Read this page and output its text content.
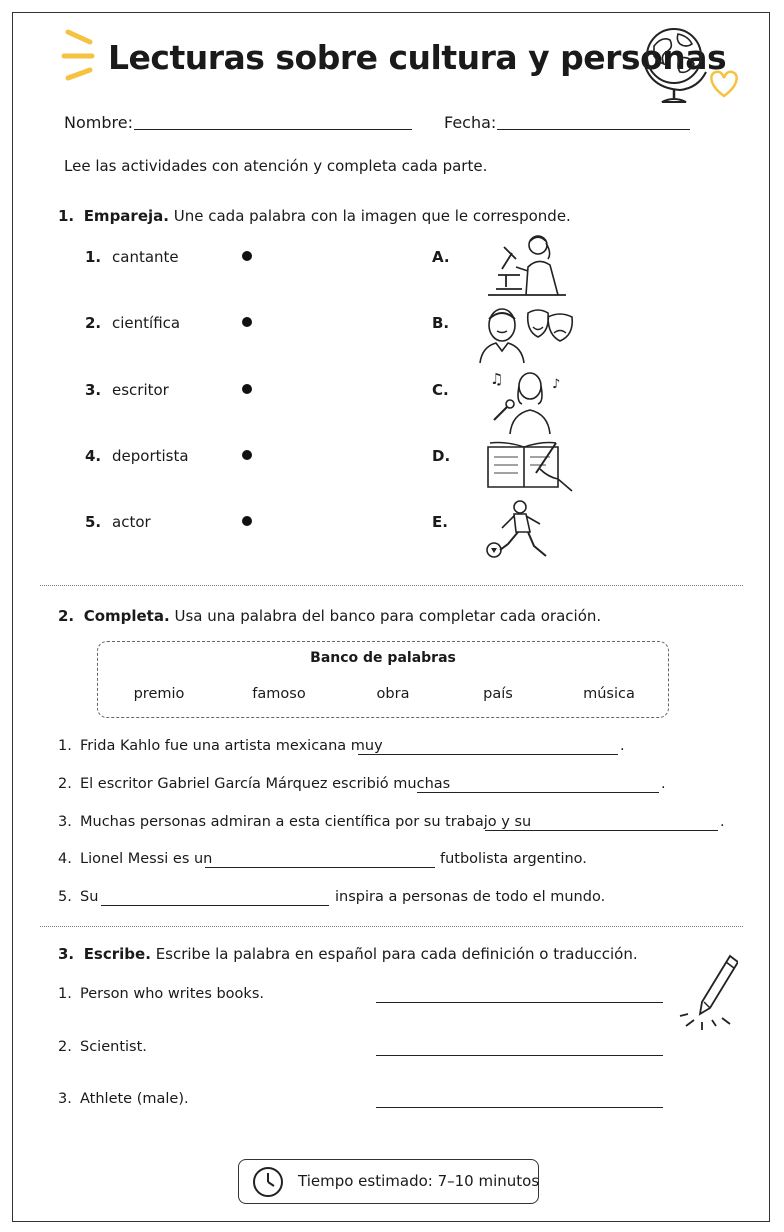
Lecturas sobre cultura y personas
Nombre:	Fecha:
Lee las actividades con atención y completa cada parte.
1. Empareja. Une cada palabra con la imagen que le corresponde.
1. cantante	A.
2. científica	B.
3. escritor	C.
4. deportista	D.
5. actor	E.
♫	♪
2. Completa. Usa una palabra del banco para completar cada oración.
Banco de palabras
premio	famoso	obra	país	música
1. Frida Kahlo fue una artista mexicana muy	.
2. El escritor Gabriel García Márquez escribió muchas	.
3. Muchas personas admiran a esta científica por su trabajo y su	.
4. Lionel Messi es un	futbolista argentino.
5. Su	inspira a personas de todo el mundo.
3. Escribe. Escribe la palabra en español para cada definición o traducción.
1. Person who writes books.
2. Scientist.
3. Athlete (male).
Tiempo estimado: 7–10 minutos
